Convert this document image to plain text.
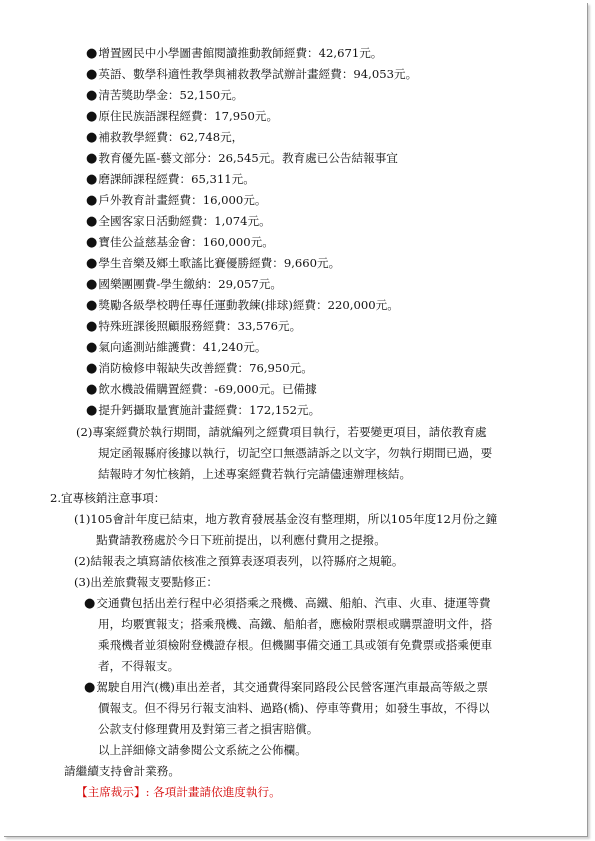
●增置國民中小學圖書館閱讀推動教師經費：42,671元。
●英語、數學科適性教學與補救教學試辦計畫經費：94,053元。
●清苦獎助學金：52,150元。
●原住民族語課程經費：17,950元。
●補救教學經費：62,748元，
●教育優先區-藝文部分：26,545元。教育處已公告結報事宜
●磨課師課程經費：65,311元。
●戶外教育計畫經費：16,000元。
●全國客家日活動經費：1,074元。
●寶佳公益慈基金會：160,000元。
●學生音樂及鄉土歌謠比賽優勝經費：9,660元。
●國樂團團費-學生繳納：29,057元。
●獎勵各級學校聘任專任運動教練(排球)經費：220,000元。
●特殊班課後照顧服務經費：33,576元。
●氣向遙測站維護費：41,240元。
●消防檢修申報缺失改善經費：76,950元。
●飲水機設備購置經費：-69,000元。已備據
●提升鈣攝取量實施計畫經費：172,152元。
(2)專案經費於執行期間，請就編列之經費項目執行，若要變更項目，請依教育處
規定函報縣府後據以執行，切記空口無憑請訴之以文字，勿執行期間已過，要
結報時才匆忙核銷，上述專案經費若執行完請儘速辦理核結。
2.宜專核銷注意事項：
(1)105會計年度已結束，地方教育發展基金沒有整理期，所以105年度12月份之鐘
點費請教務處於今日下班前提出，以利應付費用之提撥。
(2)結報表之填寫請依核准之預算表逐項表列，以符縣府之規範。
(3)出差旅費報支要點修正：
●交通費包括出差行程中必須搭乘之飛機、高鐵、船舶、汽車、火車、捷運等費
用，均覈實報支；搭乘飛機、高鐵、船舶者，應檢附票根或購票證明文件，搭
乘飛機者並須檢附登機證存根。但機關事備交通工具或領有免費票或搭乘便車
者，不得報支。
●駕駛自用汽(機)車出差者，其交通費得案同路段公民營客運汽車最高等級之票
價報支。但不得另行報支油料、過路(橋)、停車等費用；如發生事故，不得以
公款支付修理費用及對第三者之損害賠償。
以上詳細條文請參閱公文系統之公佈欄。
請繼續支持會計業務。
【主席裁示】: 各項計畫請依進度執行。
